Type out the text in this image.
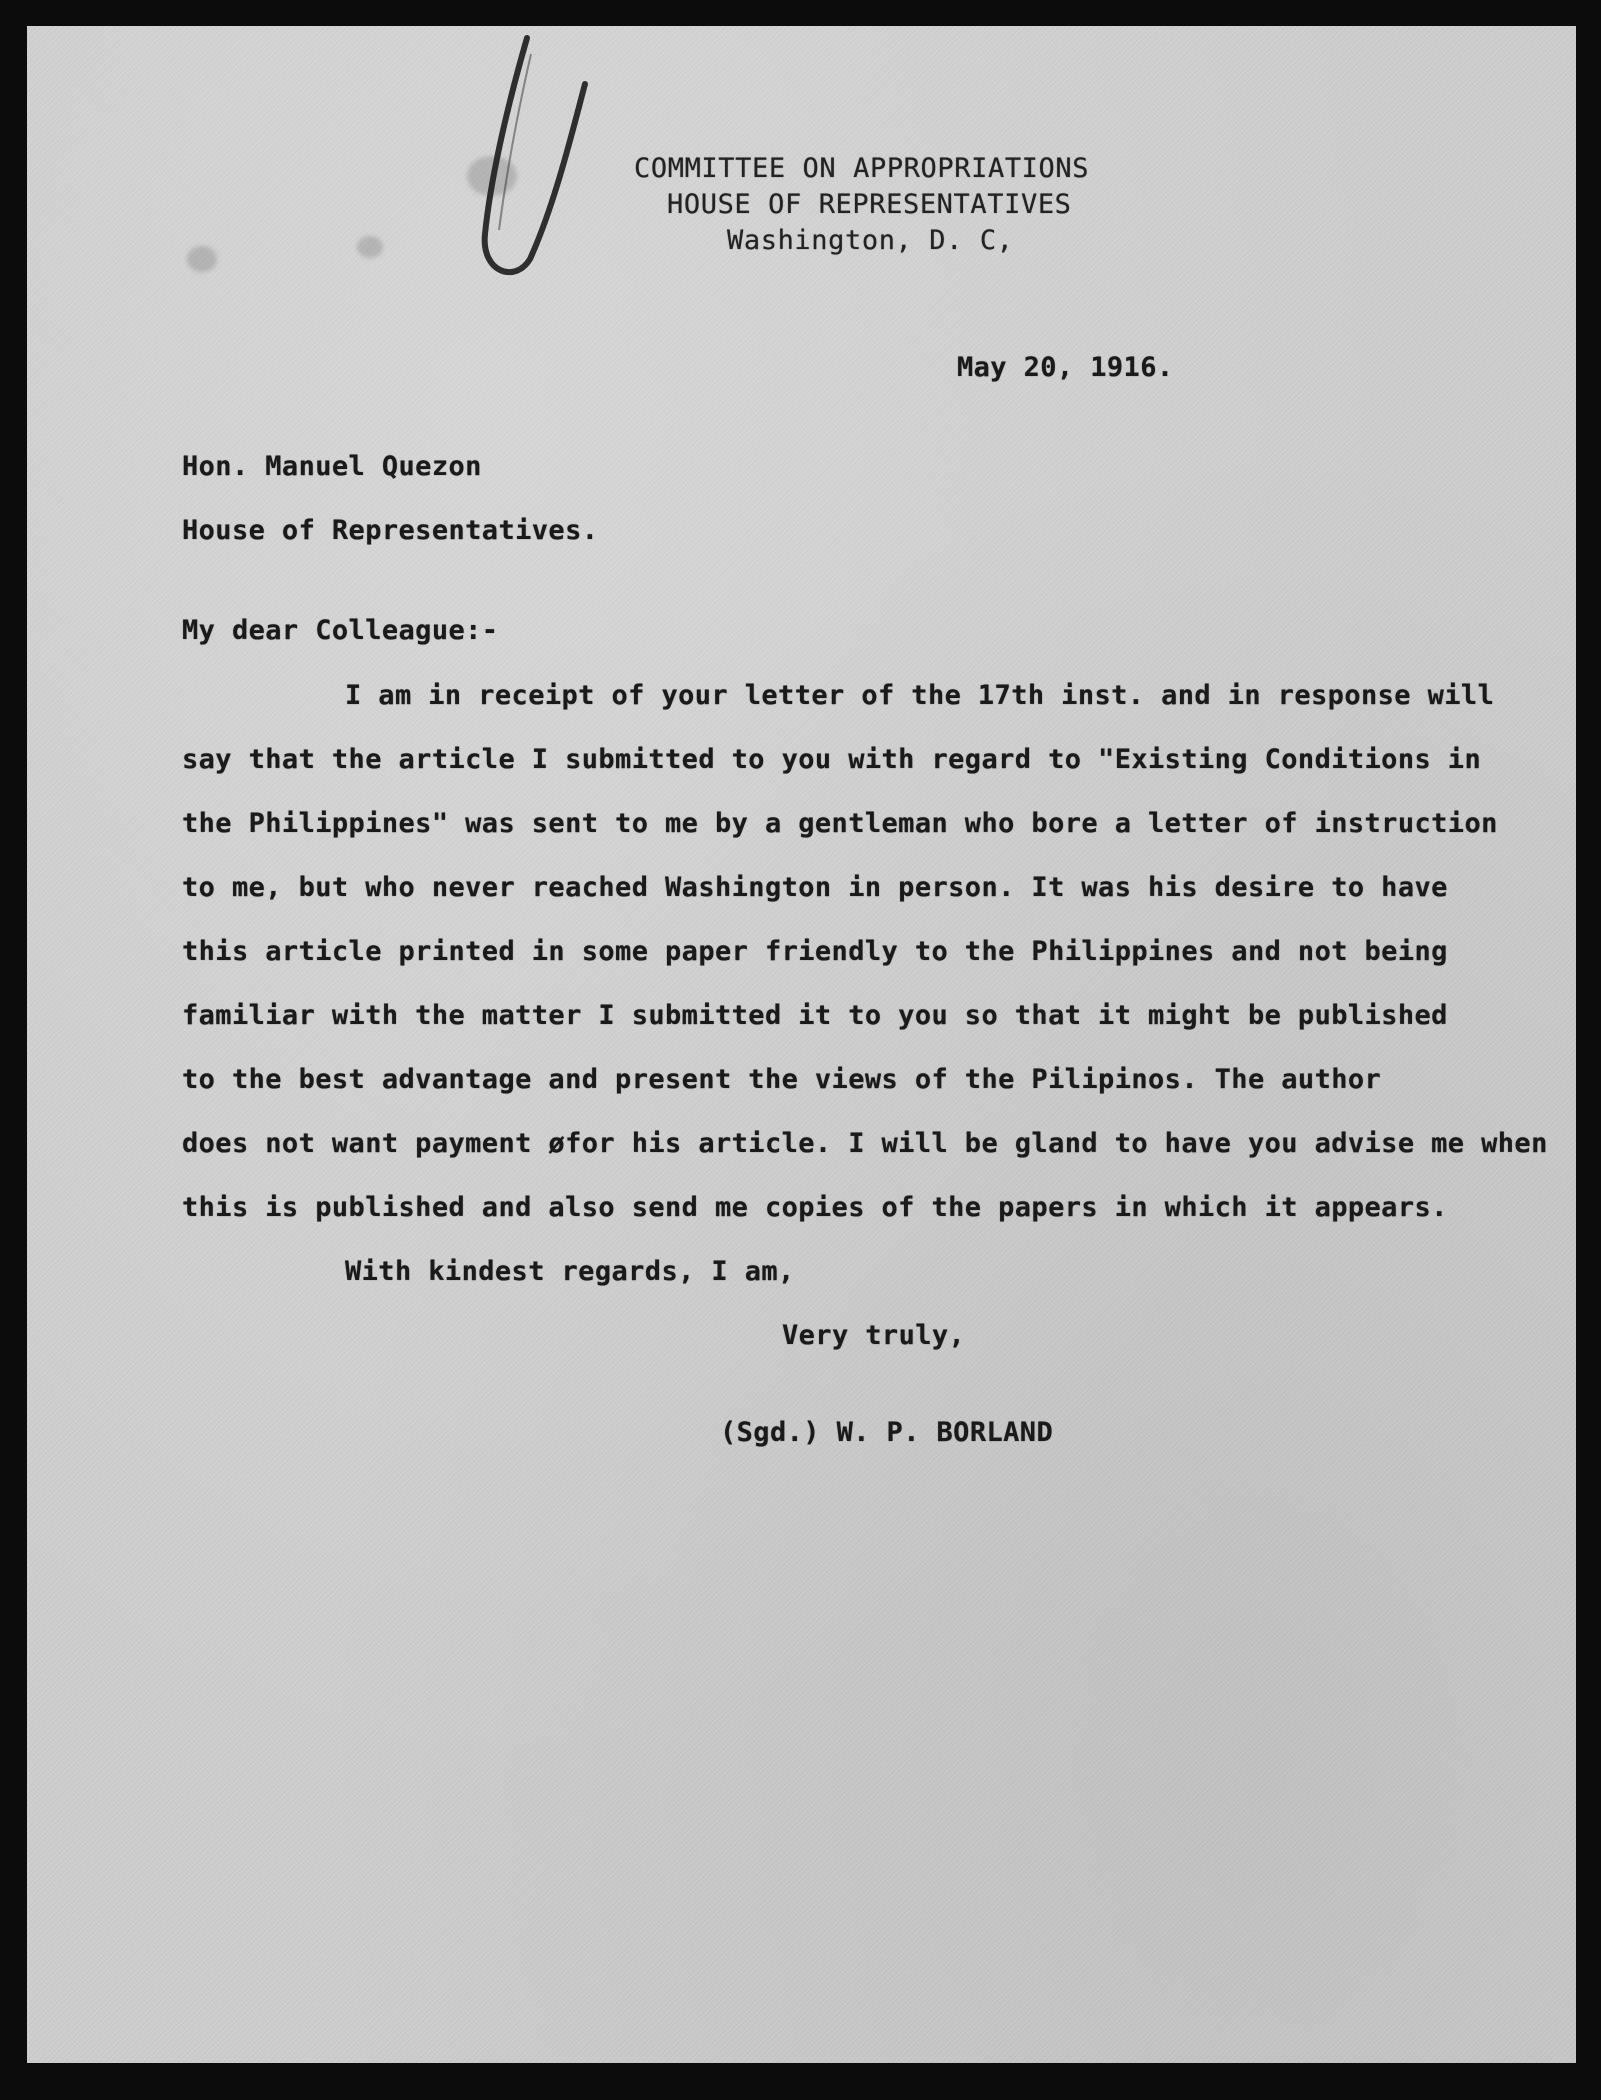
COMMITTEE ON APPROPRIATIONS
HOUSE OF REPRESENTATIVES
Washington, D. C,
May 20, 1916.
Hon. Manuel Quezon
House of Representatives.
My dear Colleague:-
I am in receipt of your letter of the 17th inst. and in response will
say that the article I submitted to you with regard to "Existing Conditions in
the Philippines" was sent to me by a gentleman who bore a letter of instruction
to me, but who never reached Washington in person. It was his desire to have
this article printed in some paper friendly to the Philippines and not being
familiar with the matter I submitted it to you so that it might be published
to the best advantage and present the views of the Pilipinos. The author
does not want payment øfor his article. I will be gland to have you advise me when
this is published and also send me copies of the papers in which it appears.
With kindest regards, I am,
Very truly,
(Sgd.) W. P. BORLAND
